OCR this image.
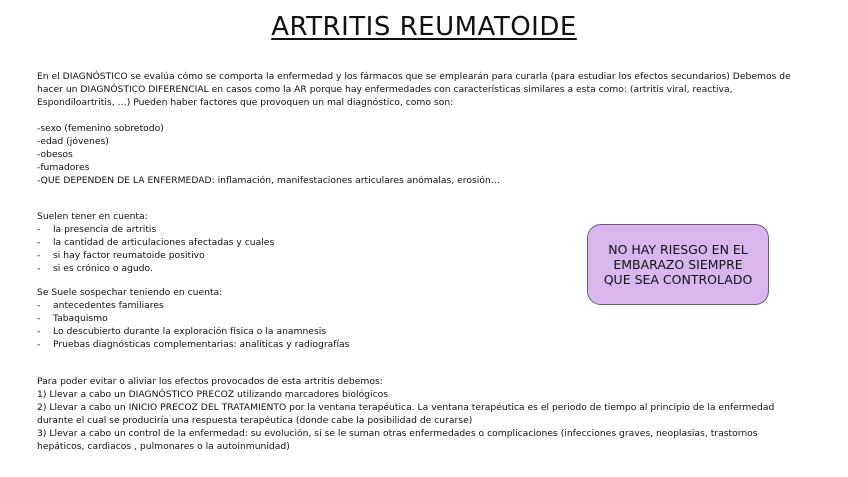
ARTRITIS REUMATOIDE

En el DIAGNÓSTICO se evalúa cómo se comporta la enfermedad y los fármacos que se emplearán para curarla (para estudiar los efectos secundarios) Debemos de hacer un DIAGNÓSTICO DIFERENCIAL en casos como la AR porque hay enfermedades con características similares a esta como: (artritis viral, reactiva, Espondiloartritis, …) Pueden haber factores que provoquen un mal diagnóstico, como son:

-sexo (femenino sobretodo)

-edad (jóvenes)

-obesos

-fumadores

-QUE DEPENDEN DE LA ENFERMEDAD: inflamación, manifestaciones articulares anómalas, erosión…

Suelen tener en cuenta:

-	la presencia de artritis
-	la cantidad de articulaciones afectadas y cuales
-	si hay factor reumatoide positivo
-	si es crónico o agudo.

Se Suele sospechar teniendo en cuenta:

-	antecedentes familiares
-	Tabaquismo
-	Lo descubierto durante la exploración física o la anamnesis
-	Pruebas diagnósticas complementarias: analíticas y radiografías

Para poder evitar o aliviar los efectos provocados de esta artritis debemos:

1) Llevar a cabo un DIAGNÓSTICO PRECOZ utilizando marcadores biológicos

2) Llevar a cabo un INICIO PRECOZ DEL TRATAMIENTO por la ventana terapéutica. La ventana terapéutica es el periodo de tiempo al principio de la enfermedad durante el cual se produciría una respuesta terapéutica (donde cabe la posibilidad de curarse)

3) Llevar a cabo un control de la enfermedad: su evolución, si se le suman otras enfermedades o complicaciones (infecciones graves, neoplasias, trastornos hepáticos, cardiacos , pulmonares o la autoinmunidad)

NO HAY RIESGO EN EL EMBARAZO SIEMPRE QUE SEA CONTROLADO
